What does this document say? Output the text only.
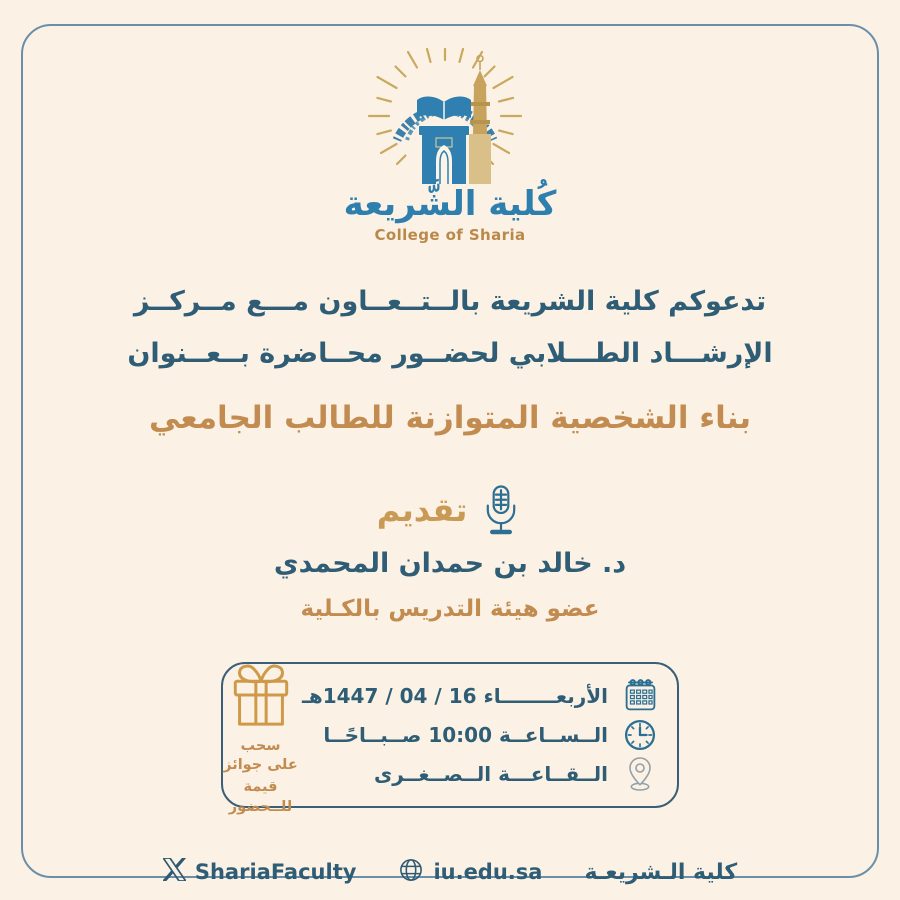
كُلية الشَّريعة
College of Sharia
تدعوكم كلية الشريعة بالــتــعــاون مـــع مــركــز
الإرشـــاد الطـــلابي لحضــور محــاضرة بــعــنوان
بناء الشخصية المتوازنة للطالب الجامعي
تقديم
د. خالد بن حمدان المحمدي
عضو هيئة التدريس بالكـلية
سحب على جوائز
قيمة للــحضور
الأربعــــــــاء 16 / 04 / 1447هـ
الــســاعــة 10:00 صــبــاحًــا
الــقــاعـــة الــصــغــرى
ShariaFaculty	iu.edu.sa كلية الـشريعـة
